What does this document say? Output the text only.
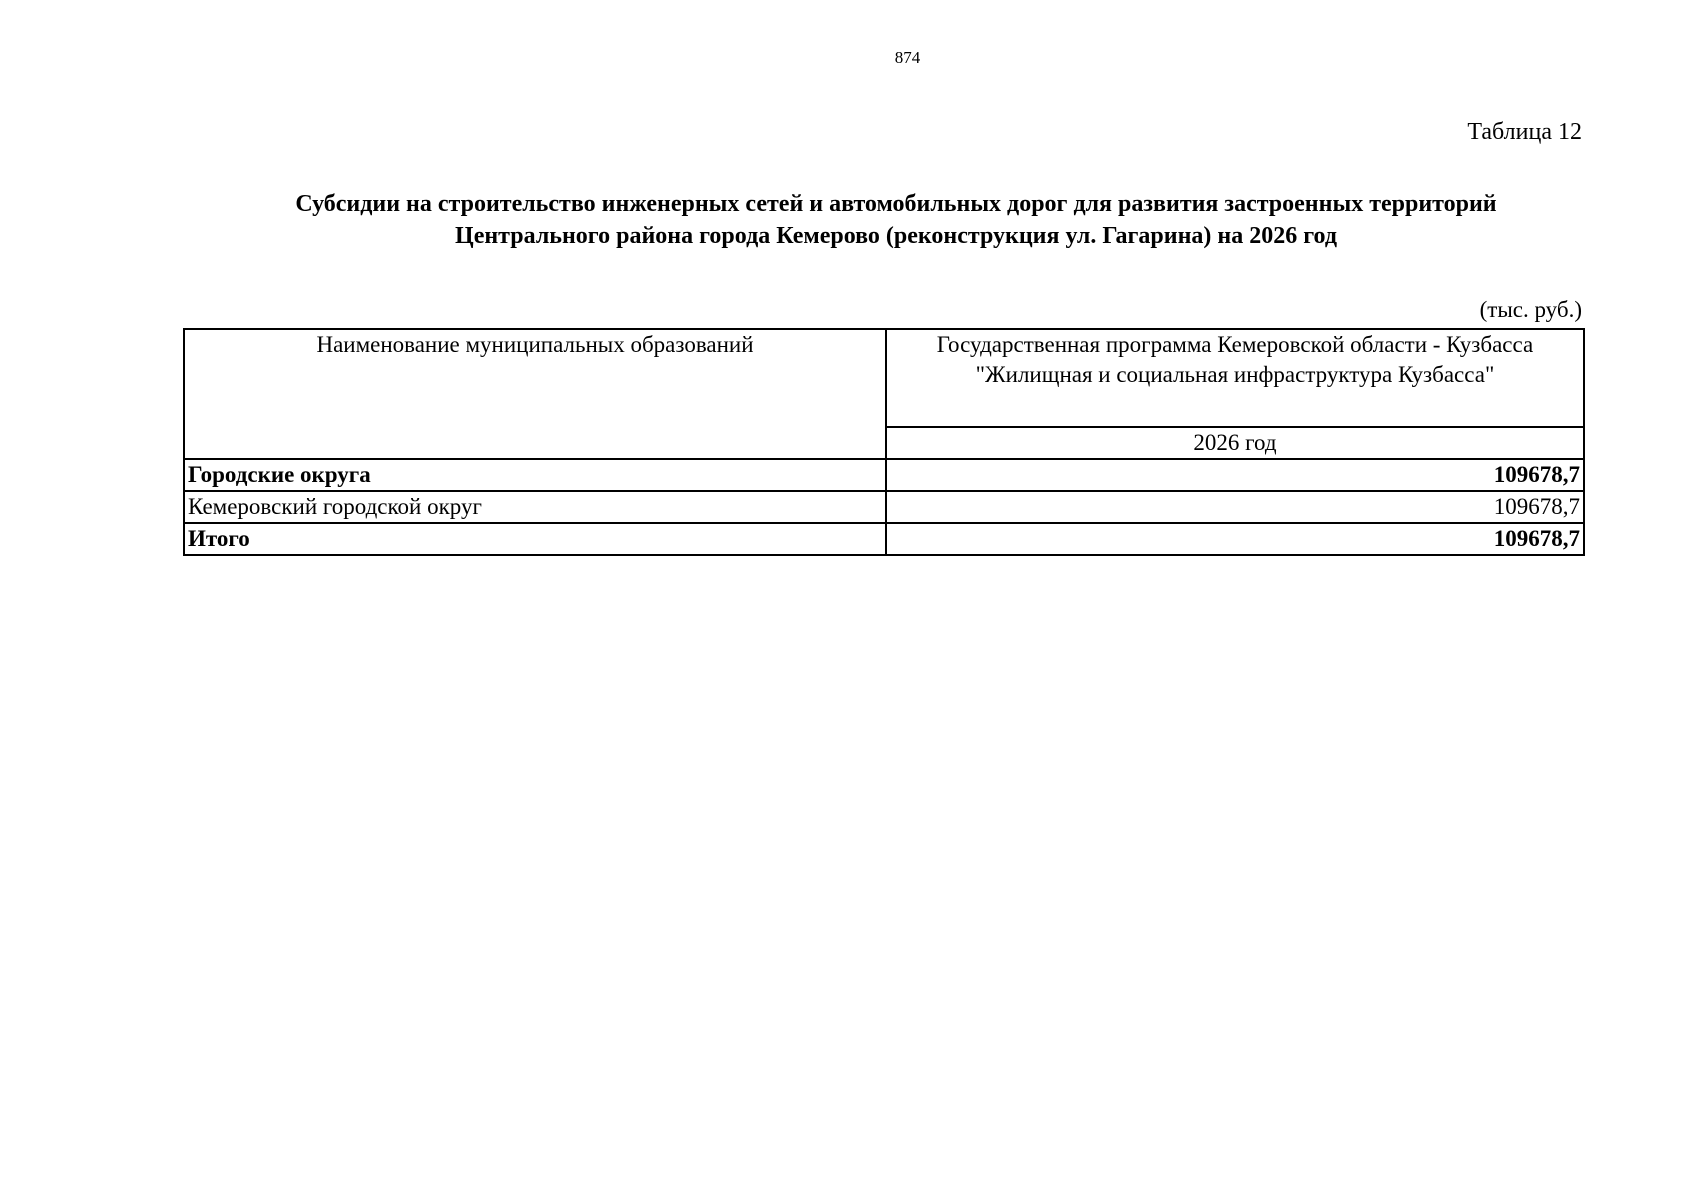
874
Таблица 12
Субсидии на строительство инженерных сетей и автомобильных дорог для развития застроенных территорий
Центрального района города Кемерово (реконструкция ул. Гагарина) на 2026 год
(тыс. руб.)
Наименование муниципальных образований	Государственная программа Кемеровской области - Кузбасса
"Жилищная и социальная инфраструктура Кузбасса"

	2026 год
Городские округа	109678,7
Кемеровский городской округ	109678,7
Итого	109678,7
